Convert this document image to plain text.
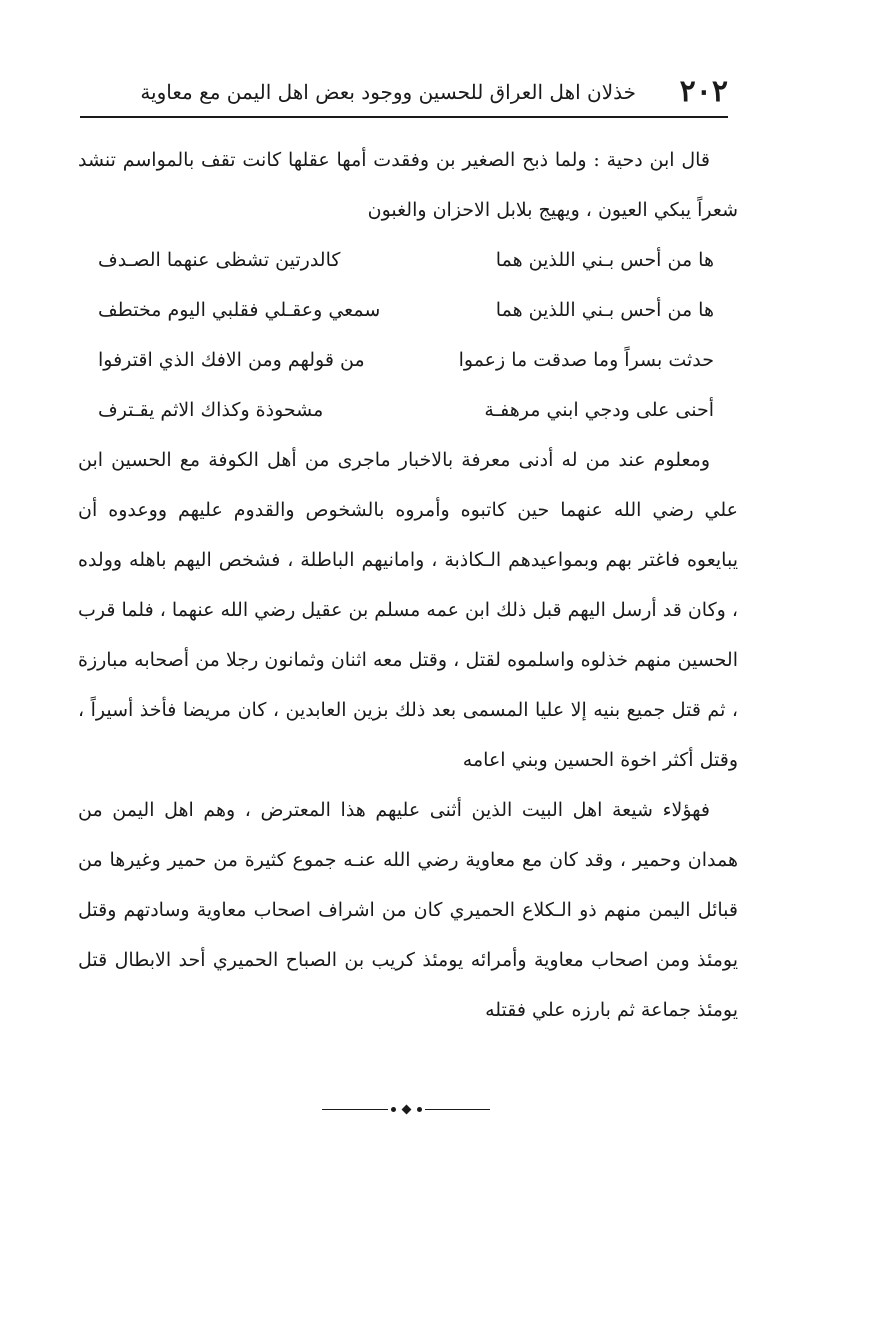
٢٠٢
خذلان اهل العراق للحسين ووجود بعض اهل اليمن مع معاوية

قال ابن دحية : ولما ذبح الصغير بن وفقدت أمها عقلها كانت تقف بالمواسم تنشد شعراً يبكي العيون ، ويهيج بلابل الاحزان والغبون

ها من أحس بـني اللذين هما
كالدرتين تشظى عنهما الصـدف
ها من أحس بـني اللذين هما
سمعي وعقـلي فقلبي اليوم مختطف
حدثت بسراً وما صدقت ما زعموا
من قولهم ومن الافك الذي اقترفوا
أحنى على ودجي ابني مرهفـة
مشحوذة وكذاك الاثم يقـترف

ومعلوم عند من له أدنى معرفة بالاخبار ماجرى من أهل الكوفة مع الحسين ابن علي رضي الله عنهما حين كاتبوه وأمروه بالشخوص والقدوم عليهم ووعدوه أن يبايعوه فاغتر بهم وبمواعيدهم الـكاذبة ، وامانيهم الباطلة ، فشخص اليهم باهله وولده ، وكان قد أرسل اليهم قبل ذلك ابن عمه مسلم بن عقيل رضي الله عنهما ، فلما قرب الحسين منهم خذلوه واسلموه لقتل ، وقتل معه اثنان وثمانون رجلا من أصحابه مبارزة ، ثم قتل جميع بنيه إلا عليا المسمى بعد ذلك بزين العابدين ، كان مريضا فأخذ أسيراً ، وقتل أكثر اخوة الحسين وبني اعامه

فهؤلاء شيعة اهل البيت الذين أثنى عليهم هذا المعترض ، وهم اهل اليمن من همدان وحمير ، وقد كان مع معاوية رضي الله عنـه جموع كثيرة من حمير وغيرها من قبائل اليمن منهم ذو الـكلاع الحميري كان من اشراف اصحاب معاوية وسادتهم وقتل يومئذ ومن اصحاب معاوية وأمرائه يومئذ كريب بن الصباح الحميري أحد الابطال قتل يومئذ جماعة ثم بارزه علي فقتله
